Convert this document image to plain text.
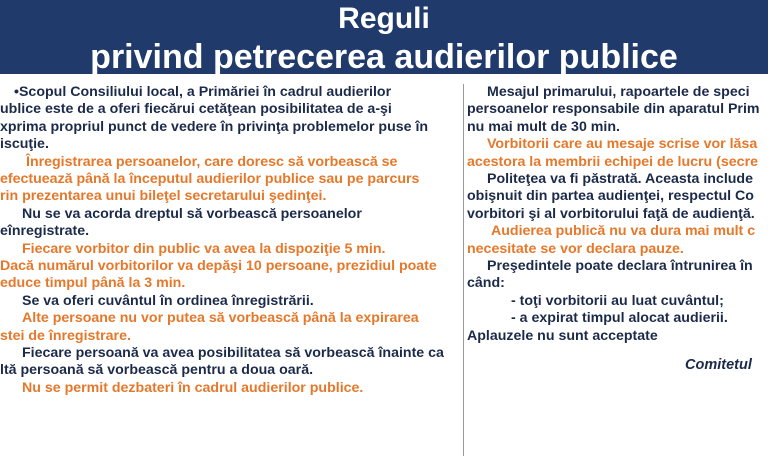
Reguli
privind petrecerea audierilor publice
•Scopul Consiliului local, a Primăriei în cadrul audierilor
ublice este de a oferi fiecărui cetăţean posibilitatea de a-şi
xprima propriul punct de vedere în privinţa problemelor puse în
iscuţie.
Înregistrarea persoanelor, care doresc să vorbească se
efectuează până la începutul audierilor publice sau pe parcurs
rin prezentarea unui bileţel secretarului şedinţei.
Nu se va acorda dreptul să vorbească persoanelor
eînregistrate.
Fiecare vorbitor din public va avea la dispoziţie 5 min.
Dacă numărul vorbitorilor va depăşi 10 persoane, prezidiul poate
educe timpul până la 3 min.
Se va oferi cuvântul în ordinea înregistrării.
Alte persoane nu vor putea să vorbească până la expirarea
stei de înregistrare.
Fiecare persoană va avea posibilitatea să vorbească înainte ca
ltă persoană să vorbească pentru a doua oară.
Nu se permit dezbateri în cadrul audierilor publice.
Mesajul primarului, rapoartele de speci
persoanelor responsabile din aparatul Prim
nu mai mult de 30 min.
Vorbitorii care au mesaje scrise vor lăsa
acestora la membrii echipei de lucru (secre
Politeţea va fi păstrată. Aceasta include
obişnuit din partea audienţei, respectul Co
vorbitori şi al vorbitorului faţă de audienţă.
Audierea publică nu va dura mai mult c
necesitate se vor declara pauze.
Preşedintele poate declara întrunirea în
când:
- toţi vorbitorii au luat cuvântul;
- a expirat timpul alocat audierii.
Aplauzele nu sunt acceptate
Comitetul
